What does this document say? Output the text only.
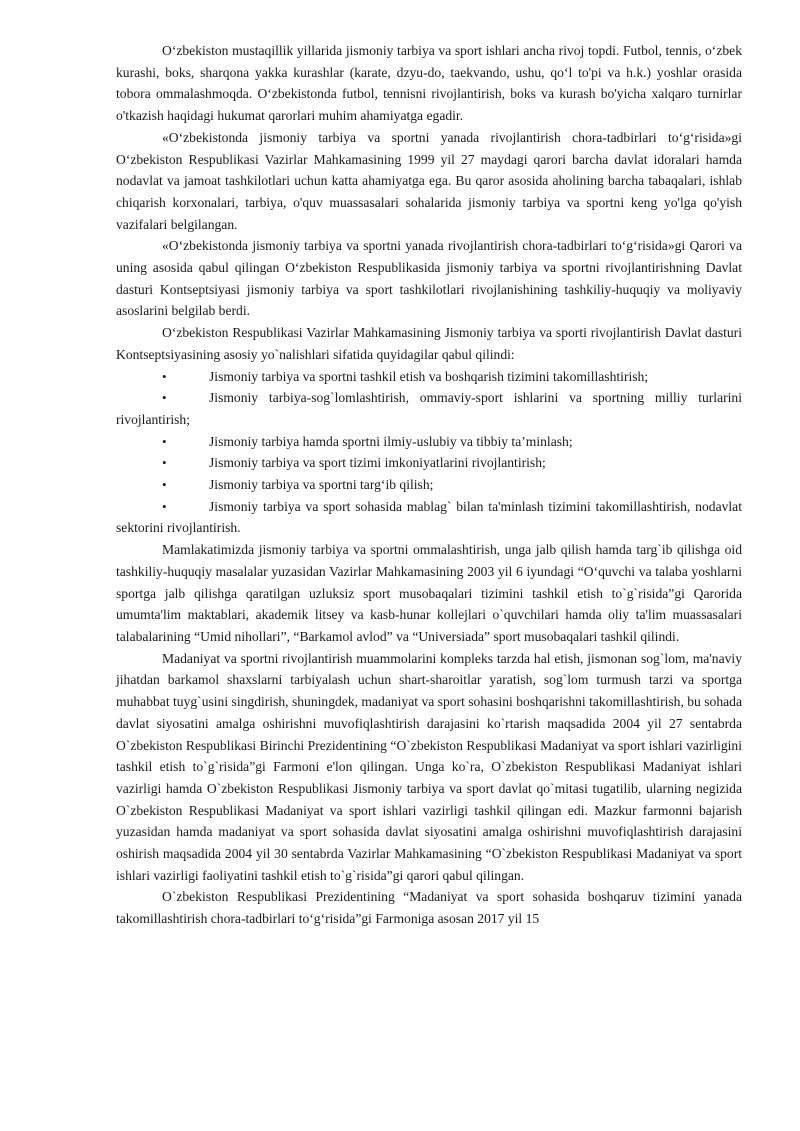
O‘zbekiston mustaqillik yillarida jismoniy tarbiya va sport ishlari ancha rivoj topdi. Futbol, tennis, o‘zbek kurashi, boks, sharqona yakka kurashlar (karate, dzyu-do, taekvando, ushu, qo‘l to'pi va h.k.) yoshlar orasida tobora ommalashmoqda. O‘zbekistonda futbol, tennisni rivojlantirish, boks va kurash bo'yicha xalqaro turnirlar o'tkazish haqidagi hukumat qarorlari muhim ahamiyatga egadir.

«O‘zbekistonda jismoniy tarbiya va sportni yanada rivojlantirish chora-tadbirlari to‘g‘risida»gi O‘zbekiston Respublikasi Vazirlar Mahkamasining 1999 yil 27 maydagi qarori barcha davlat idoralari hamda nodavlat va jamoat tashkilotlari uchun katta ahamiyatga ega. Bu qaror asosida aholining barcha tabaqalari, ishlab chiqarish korxonalari, tarbiya, o'quv muassasalari sohalarida jismoniy tarbiya va sportni keng yo'lga qo'yish vazifalari belgilangan.

«O‘zbekistonda jismoniy tarbiya va sportni yanada rivojlantirish chora-tadbirlari to‘g‘risida»gi Qarori va uning asosida qabul qilingan O‘zbekiston Respublikasida jismoniy tarbiya va sportni rivojlantirishning Davlat dasturi Kontseptsiyasi jismoniy tarbiya va sport tashkilotlari rivojlanishining tashkiliy-huquqiy va moliyaviy asoslarini belgilab berdi.

O‘zbekiston Respublikasi Vazirlar Mahkamasining Jismoniy tarbiya va sporti rivojlantirish Davlat dasturi Kontseptsiyasining asosiy yo`nalishlari sifatida quyidagilar qabul qilindi:

•	Jismoniy tarbiya va sportni tashkil etish va boshqarish tizimini takomillashtirish;

•	Jismoniy tarbiya-sog`lomlashtirish, ommaviy-sport ishlarini va sportning milliy turlarini rivojlantirish;

•	Jismoniy tarbiya hamda sportni ilmiy-uslubiy va tibbiy ta’minlash;

•	Jismoniy tarbiya va sport tizimi imkoniyatlarini rivojlantirish;

•	Jismoniy tarbiya va sportni targ‘ib qilish;

•	Jismoniy tarbiya va sport sohasida mablag` bilan ta'minlash tizimini takomillashtirish, nodavlat sektorini rivojlantirish.

Mamlakatimizda jismoniy tarbiya va sportni ommalashtirish, unga jalb qilish hamda targ`ib qilishga oid tashkiliy-huquqiy masalalar yuzasidan Vazirlar Mahkamasining 2003 yil 6 iyundagi “O‘quvchi va talaba yoshlarni sportga jalb qilishga qaratilgan uzluksiz sport musobaqalari tizimini tashkil etish to`g`risida”gi Qarorida umumta'lim maktablari, akademik litsey va kasb-hunar kollejlari o`quvchilari hamda oliy ta'lim muassasalari talabalarining “Umid nihollari”, “Barkamol avlod” va “Universiada” sport musobaqalari tashkil qilindi.

Madaniyat va sportni rivojlantirish muammolarini kompleks tarzda hal etish, jismonan sog`lom, ma'naviy jihatdan barkamol shaxslarni tarbiyalash uchun shart-sharoitlar yaratish, sog`lom turmush tarzi va sportga muhabbat tuyg`usini singdirish, shuningdek, madaniyat va sport sohasini boshqarishni takomillashtirish, bu sohada davlat siyosatini amalga oshirishni muvofiqlashtirish darajasini ko`rtarish maqsadida 2004 yil 27 sentabrda O`zbekiston Respublikasi Birinchi Prezidentining “O`zbekiston Respublikasi Madaniyat va sport ishlari vazirligini tashkil etish to`g`risida”gi Farmoni e'lon qilingan. Unga ko`ra, O`zbekiston Respublikasi Madaniyat ishlari vazirligi hamda O`zbekiston Respublikasi Jismoniy tarbiya va sport davlat qo`mitasi tugatilib, ularning negizida O`zbekiston Respublikasi Madaniyat va sport ishlari vazirligi tashkil qilingan edi. Mazkur farmonni bajarish yuzasidan hamda madaniyat va sport sohasida davlat siyosatini amalga oshirishni muvofiqlashtirish darajasini oshirish maqsadida 2004 yil 30 sentabrda Vazirlar Mahkamasining “O`zbekiston Respublikasi Madaniyat va sport ishlari vazirligi faoliyatini tashkil etish to`g`risida”gi qarori qabul qilingan.

O`zbekiston Respublikasi Prezidentining “Madaniyat va sport sohasida boshqaruv tizimini yanada takomillashtirish chora-tadbirlari to‘g‘risida”gi Farmoniga asosan 2017 yil 15
